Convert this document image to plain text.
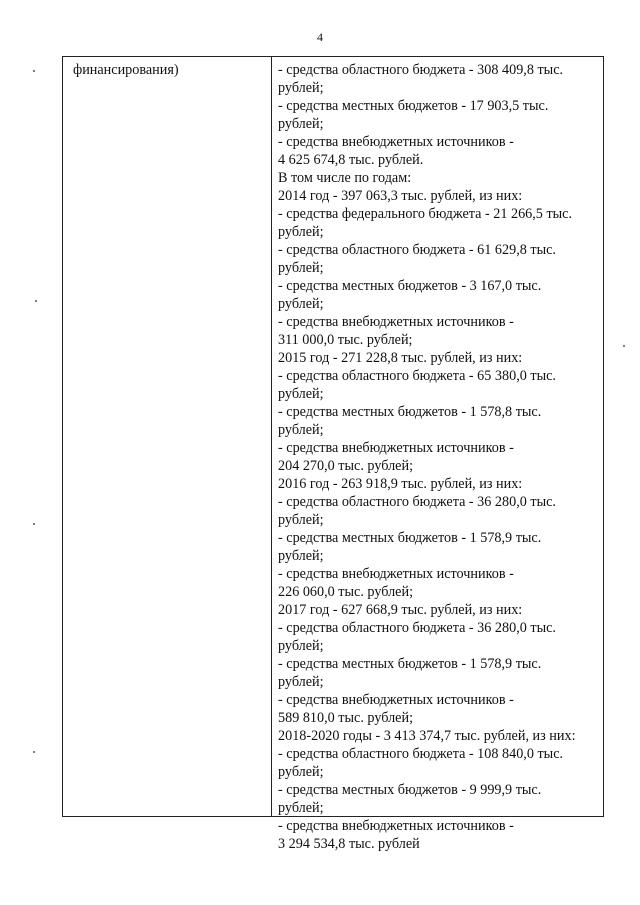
4
финансирования)	- средства областного бюджета - 308 409,8 тыс.
рублей;
- средства местных бюджетов - 17 903,5 тыс.
рублей;
- средства внебюджетных источников -
4 625 674,8 тыс. рублей.
В том числе по годам:
2014 год - 397 063,3 тыс. рублей, из них:
- средства федерального бюджета - 21 266,5 тыс.
рублей;
- средства областного бюджета - 61 629,8 тыс.
рублей;
- средства местных бюджетов - 3 167,0 тыс.
рублей;
- средства внебюджетных источников -
311 000,0 тыс. рублей;
2015 год - 271 228,8 тыс. рублей, из них:
- средства областного бюджета - 65 380,0 тыс.
рублей;
- средства местных бюджетов - 1 578,8 тыс.
рублей;
- средства внебюджетных источников -
204 270,0 тыс. рублей;
2016 год - 263 918,9 тыс. рублей, из них:
- средства областного бюджета - 36 280,0 тыс.
рублей;
- средства местных бюджетов - 1 578,9 тыс.
рублей;
- средства внебюджетных источников -
226 060,0 тыс. рублей;
2017 год - 627 668,9 тыс. рублей, из них:
- средства областного бюджета - 36 280,0 тыс.
рублей;
- средства местных бюджетов - 1 578,9 тыс.
рублей;
- средства внебюджетных источников -
589 810,0 тыс. рублей;
2018-2020 годы - 3 413 374,7 тыс. рублей, из них:
- средства областного бюджета - 108 840,0 тыс.
рублей;
- средства местных бюджетов - 9 999,9 тыс.
рублей;
- средства внебюджетных источников -
3 294 534,8 тыс. рублей
